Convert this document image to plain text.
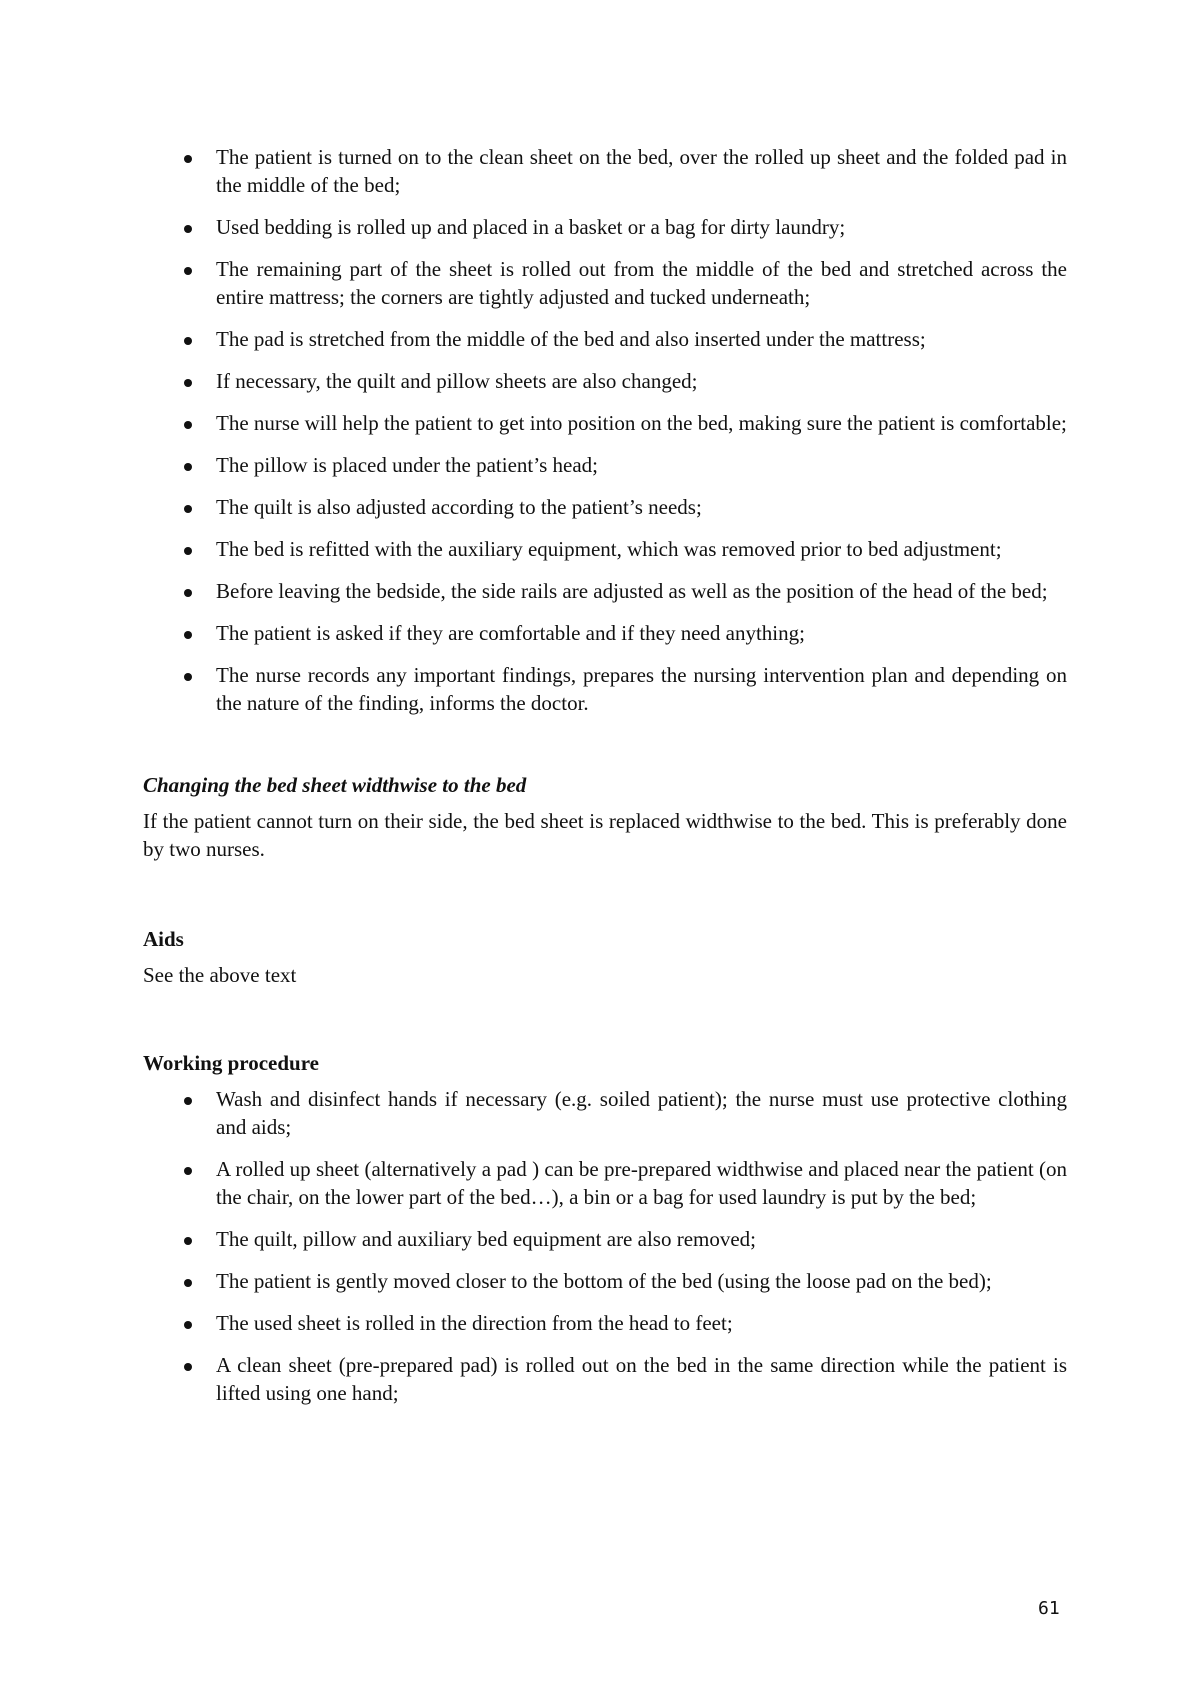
The patient is turned on to the clean sheet on the bed, over the rolled up sheet and the folded pad in the middle of the bed;
Used bedding is rolled up and placed in a basket or a bag for dirty laundry;
The remaining part of the sheet is rolled out from the middle of the bed and stretched across the entire mattress; the corners are tightly adjusted and tucked underneath;
The pad is stretched from the middle of the bed and also inserted under the mattress;
If necessary, the quilt and pillow sheets are also changed;
The nurse will help the patient to get into position on the bed, making sure the patient is comfortable;
The pillow is placed under the patient’s head;
The quilt is also adjusted according to the patient’s needs;
The bed is refitted with the auxiliary equipment, which was removed prior to bed adjustment;
Before leaving the bedside, the side rails are adjusted as well as the position of the head of the bed;
The patient is asked if they are comfortable and if they need anything;
The nurse records any important findings, prepares the nursing intervention plan and depending on the nature of the finding, informs the doctor.
Changing the bed sheet widthwise to the bed

If the patient cannot turn on their side, the bed sheet is replaced widthwise to the bed. This is preferably done by two nurses.

Aids

See the above text

Working procedure
Wash and disinfect hands if necessary (e.g. soiled patient); the nurse must use protective clothing and aids;
A rolled up sheet (alternatively a pad ) can be pre-prepared widthwise and placed near the patient (on the chair, on the lower part of the bed…), a bin or a bag for used laundry is put by the bed;
The quilt, pillow and auxiliary bed equipment are also removed;
The patient is gently moved closer to the bottom of the bed (using the loose pad on the bed);
The used sheet is rolled in the direction from the head to feet;
A clean sheet (pre-prepared pad) is rolled out on the bed in the same direction while the patient is lifted using one hand;
61
